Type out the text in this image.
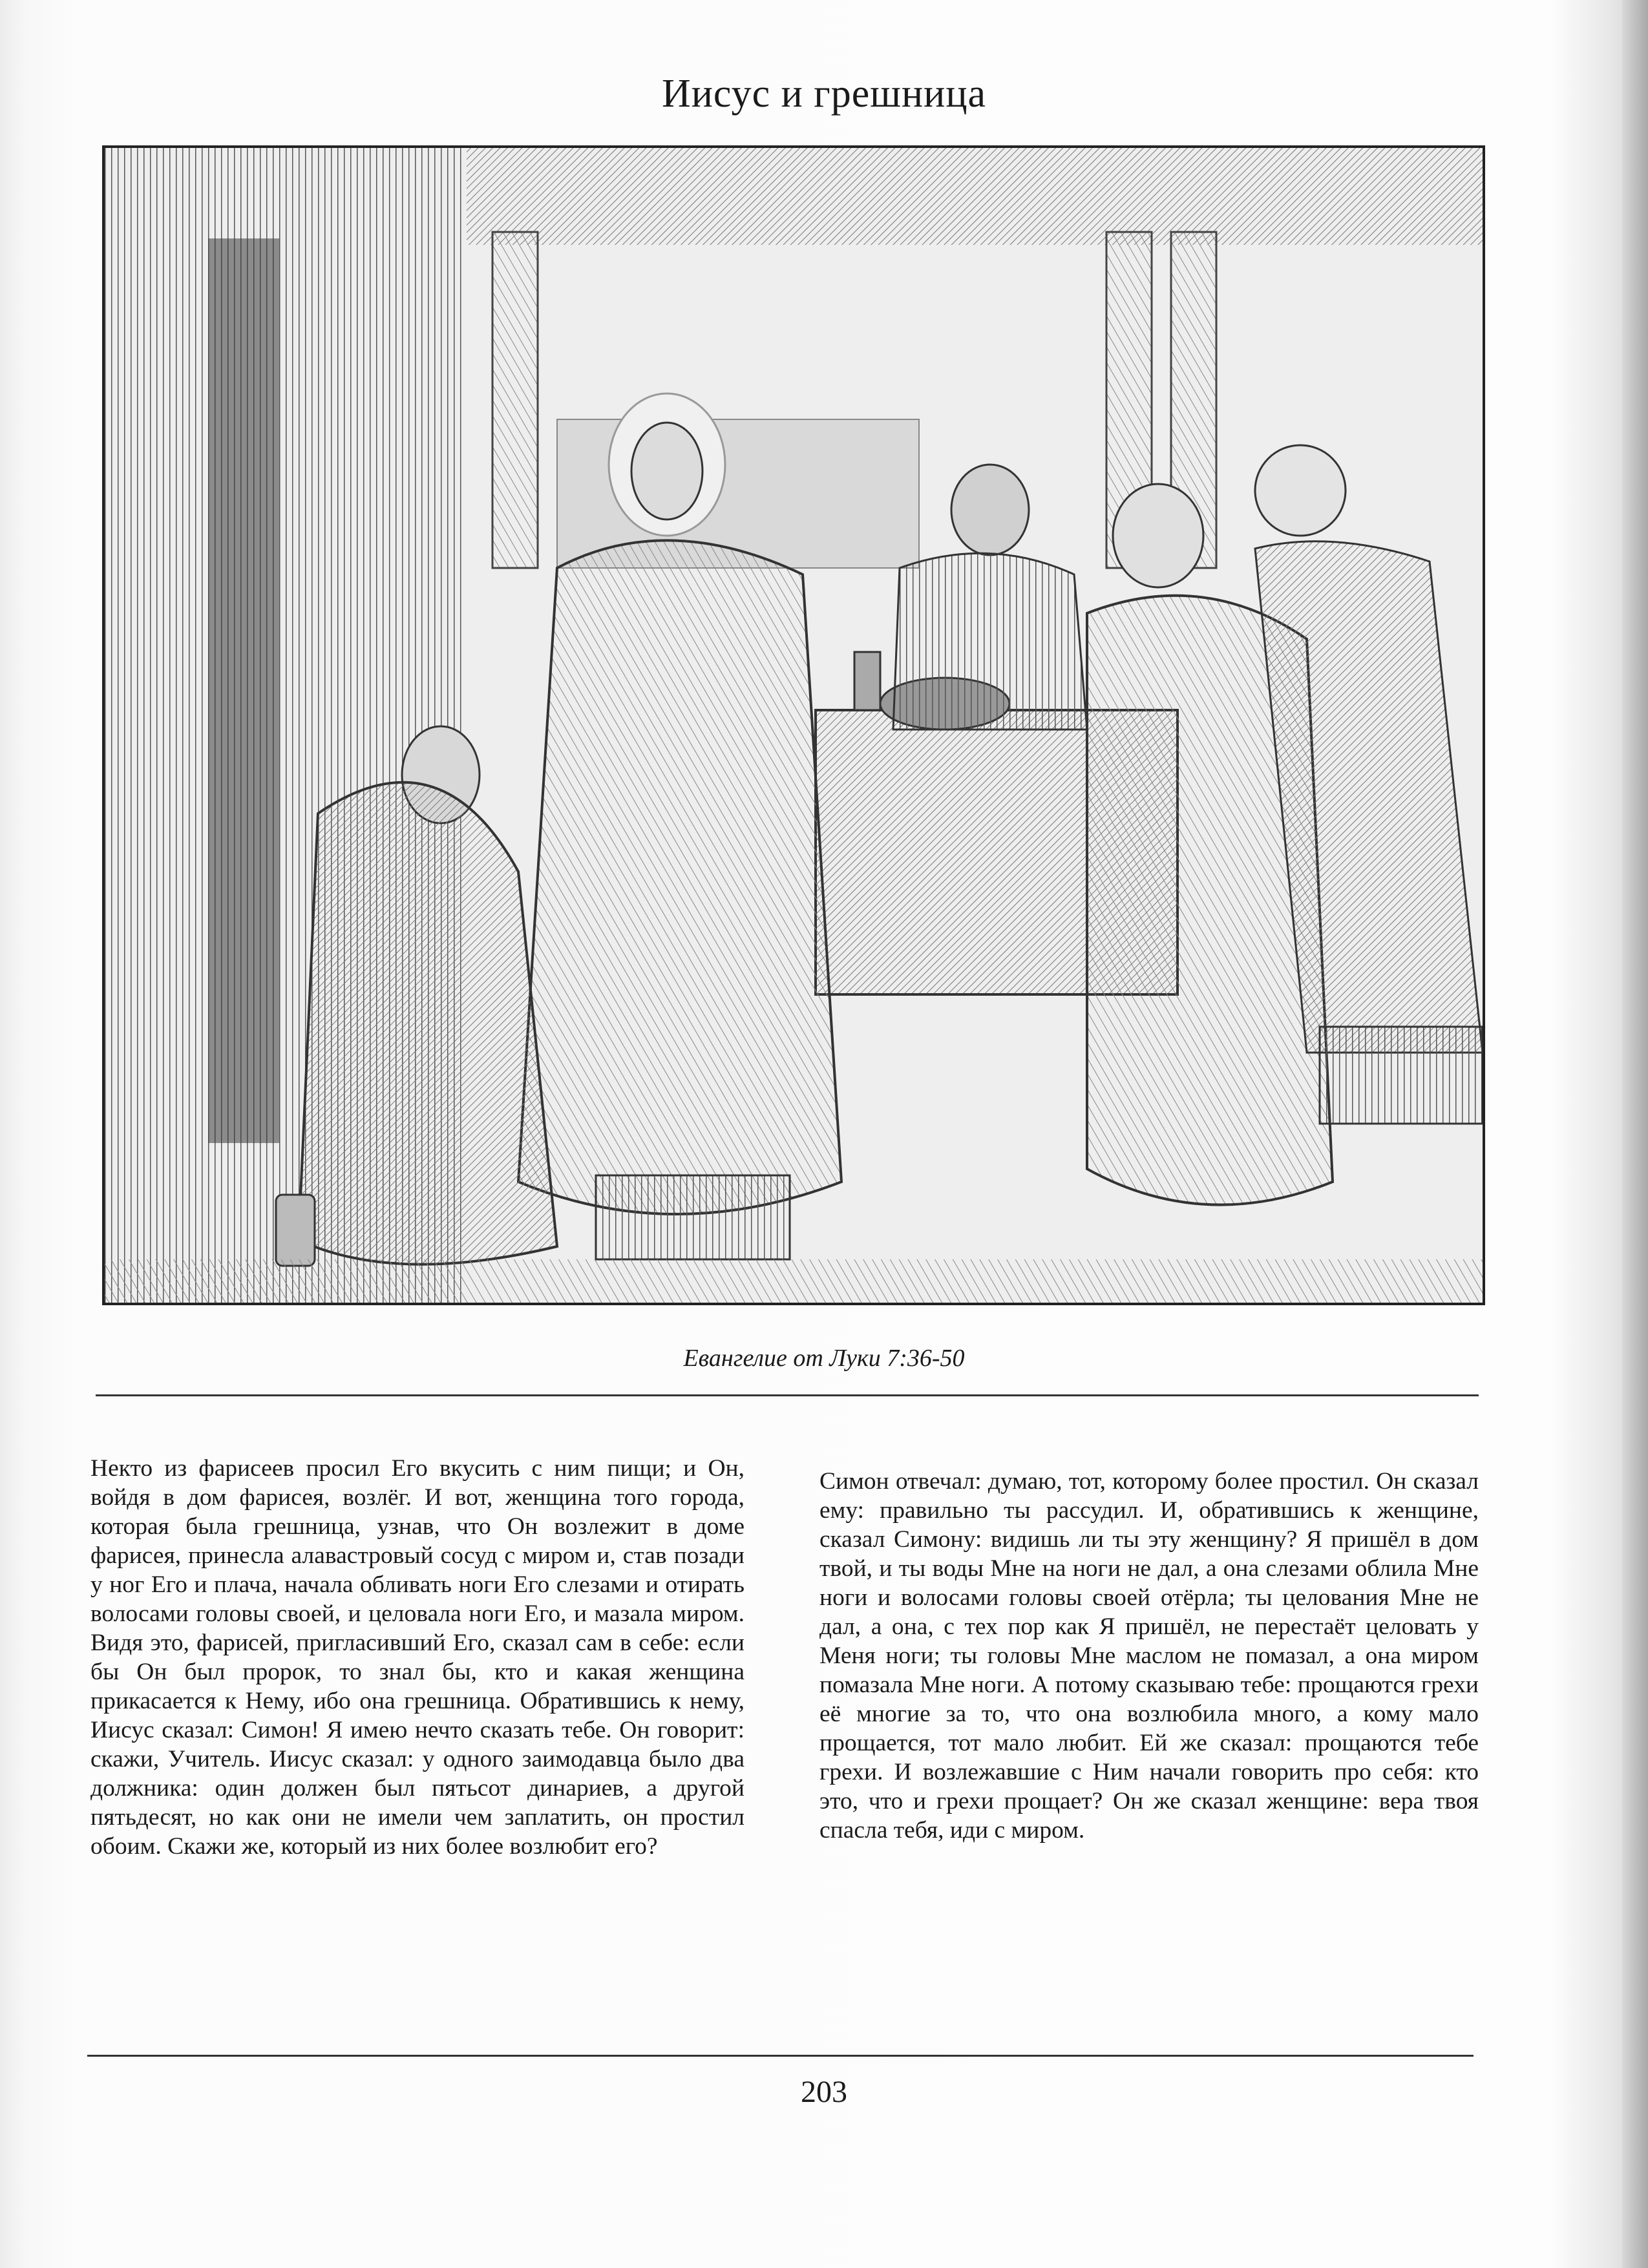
Иисус и грешница
Евангелие от Луки 7:36-50
Некто из фарисеев просил Его вкусить с ним пищи; и Он, войдя в дом фарисея, возлёг. И вот, женщина того города, которая была грешница, узнав, что Он возлежит в доме фарисея, принесла алавастровый сосуд с миром и, став позади у ног Его и плача, начала обливать ноги Его слезами и отирать волосами головы своей, и целовала ноги Его, и мазала миром. Видя это, фарисей, пригласивший Его, сказал сам в себе: если бы Он был пророк, то знал бы, кто и какая женщина прикасается к Нему, ибо она грешница. Обратившись к нему, Иисус сказал: Симон! Я имею нечто сказать тебе. Он говорит: скажи, Учитель. Иисус сказал: у одного заимодавца было два должника: один должен был пятьсот динариев, а другой пятьдесят, но как они не имели чем заплатить, он простил обоим. Скажи же, который из них более возлюбит его?
Симон отвечал: думаю, тот, которому более простил. Он сказал ему: правильно ты рассудил. И, обратившись к женщине, сказал Симону: видишь ли ты эту женщину? Я пришёл в дом твой, и ты воды Мне на ноги не дал, а она слезами облила Мне ноги и волосами головы своей отёрла; ты целования Мне не дал, а она, с тех пор как Я пришёл, не перестаёт целовать у Меня ноги; ты головы Мне маслом не помазал, а она миром помазала Мне ноги. А потому сказываю тебе: прощаются грехи её многие за то, что она возлюбила много, а кому мало прощается, тот мало любит. Ей же сказал: прощаются тебе грехи. И возлежавшие с Ним начали говорить про себя: кто это, что и грехи прощает? Он же сказал женщине: вера твоя спасла тебя, иди с миром.
203
